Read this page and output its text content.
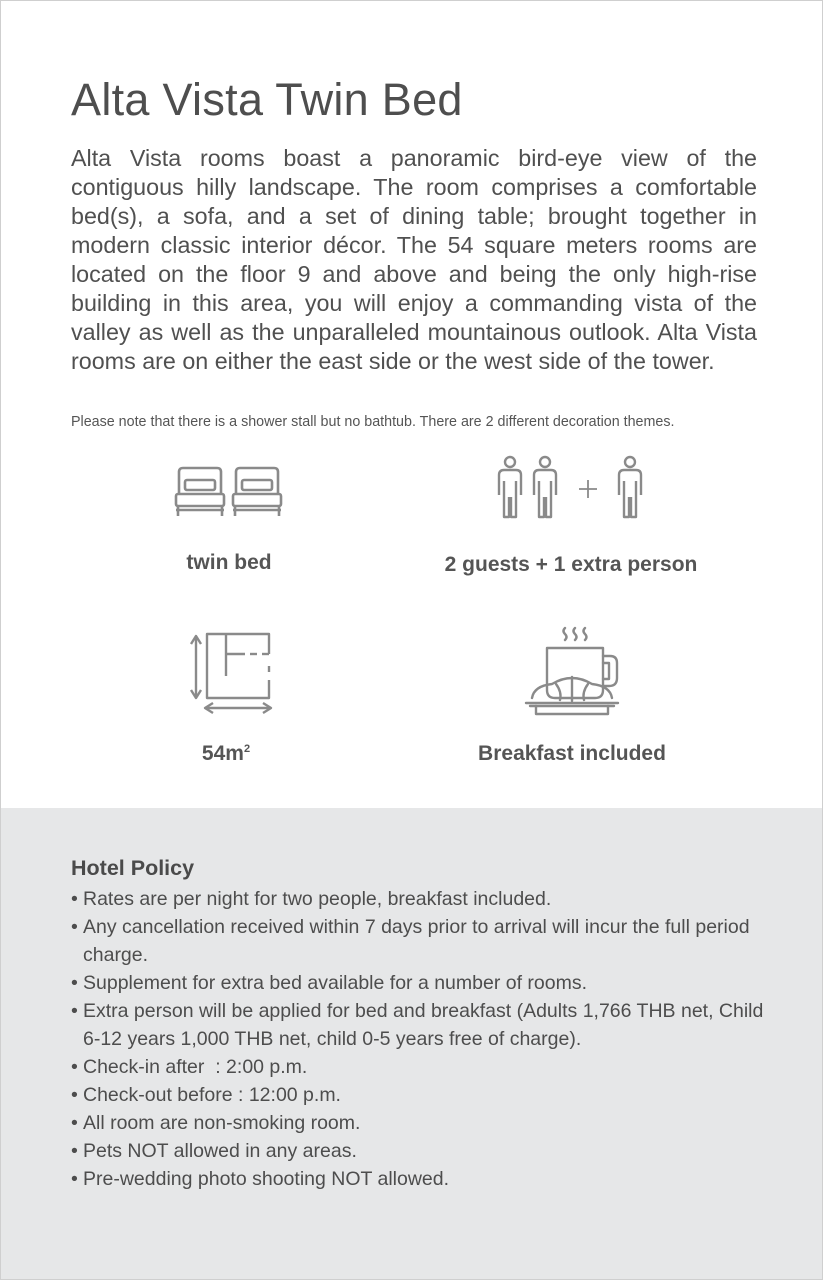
Alta Vista Twin Bed

Alta Vista rooms boast a panoramic bird-eye view of the contiguous hilly landscape. The room comprises a comfortable bed(s), a sofa, and a set of dining table; brought together in modern classic interior décor. The 54 square meters rooms are located on the floor 9 and above and being the only high-rise building in this area, you will enjoy a commanding vista of the valley as well as the unparalleled mountainous outlook. Alta Vista rooms are on either the east side or the west side of the tower.

Please note that there is a shower stall but no bathtub. There are 2 different decoration themes.

twin bed	2 guests + 1 extra person
$54m^2$	Breakfast included
Hotel Policy
• Rates are per night for two people, breakfast included.
• Any cancellation received within 7 days prior to arrival will incur the full period charge.
• Supplement for extra bed available for a number of rooms.
• Extra person will be applied for bed and breakfast (Adults 1,766 THB net, Child 6-12 years 1,000 THB net, child 0-5 years free of charge).
• Check-in after  : 2:00 p.m.
• Check-out before : 12:00 p.m.
• All room are non-smoking room.
• Pets NOT allowed in any areas.
• Pre-wedding photo shooting NOT allowed.
